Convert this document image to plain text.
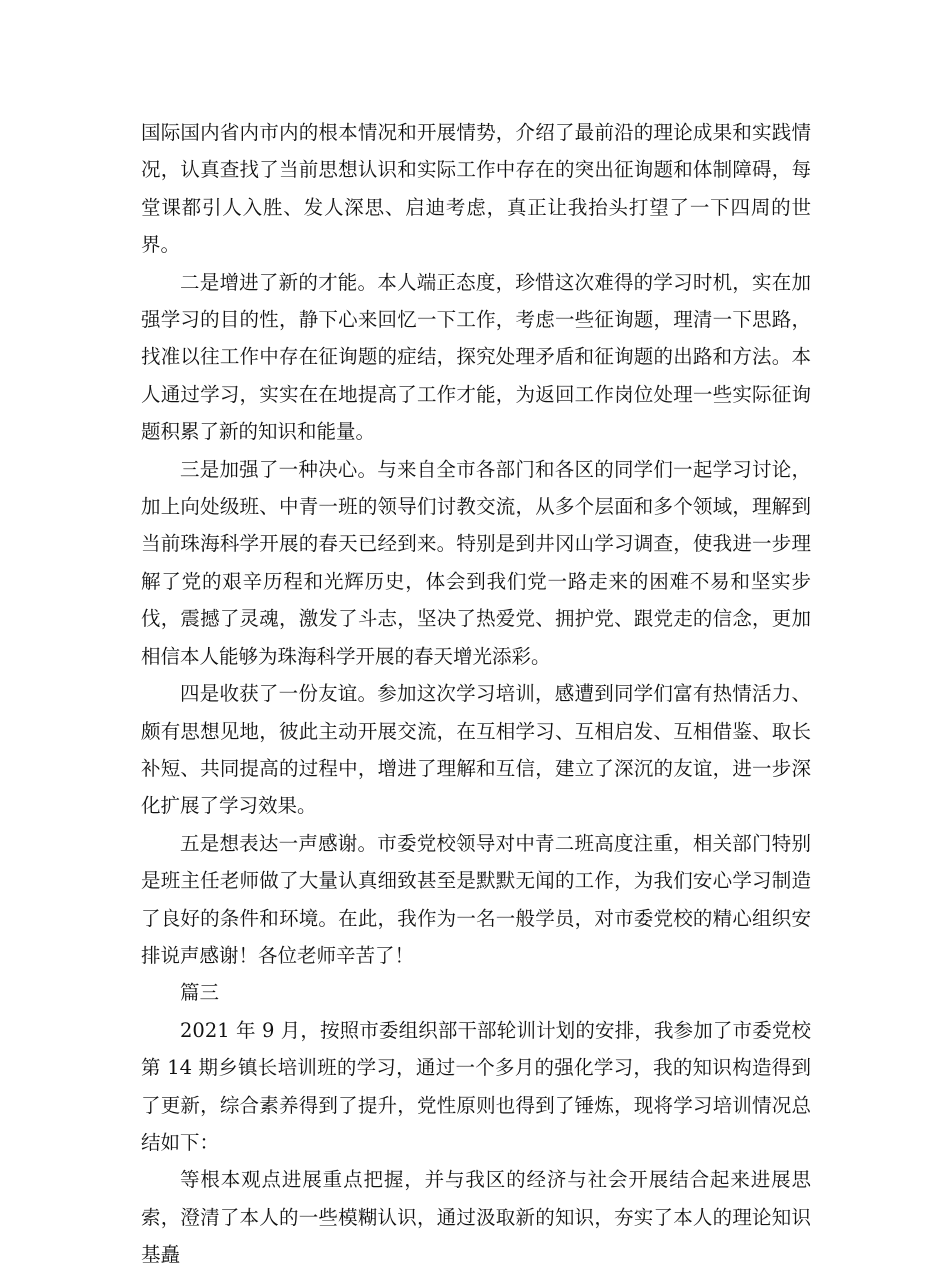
国际国内省内市内的根本情况和开展情势，介绍了最前沿的理论成果和实践情况，认真查找了当前思想认识和实际工作中存在的突出征询题和体制障碍，每堂课都引人入胜、发人深思、启迪考虑，真正让我抬头打望了一下四周的世界。

二是增进了新的才能。本人端正态度，珍惜这次难得的学习时机，实在加强学习的目的性，静下心来回忆一下工作，考虑一些征询题，理清一下思路，找准以往工作中存在征询题的症结，探究处理矛盾和征询题的出路和方法。本人通过学习，实实在在地提高了工作才能，为返回工作岗位处理一些实际征询题积累了新的知识和能量。

三是加强了一种决心。与来自全市各部门和各区的同学们一起学习讨论，加上向处级班、中青一班的领导们讨教交流，从多个层面和多个领域，理解到当前珠海科学开展的春天已经到来。特别是到井冈山学习调查，使我进一步理解了党的艰辛历程和光辉历史，体会到我们党一路走来的困难不易和坚实步伐，震撼了灵魂，激发了斗志，坚决了热爱党、拥护党、跟党走的信念，更加相信本人能够为珠海科学开展的春天增光添彩。

四是收获了一份友谊。参加这次学习培训，感遭到同学们富有热情活力、颇有思想见地，彼此主动开展交流，在互相学习、互相启发、互相借鉴、取长补短、共同提高的过程中，增进了理解和互信，建立了深沉的友谊，进一步深化扩展了学习效果。

五是想表达一声感谢。市委党校领导对中青二班高度注重，相关部门特别是班主任老师做了大量认真细致甚至是默默无闻的工作，为我们安心学习制造了良好的条件和环境。在此，我作为一名一般学员，对市委党校的精心组织安排说声感谢！各位老师辛苦了！

篇三

2021 年 9 月，按照市委组织部干部轮训计划的安排，我参加了市委党校第 14 期乡镇长培训班的学习，通过一个多月的强化学习，我的知识构造得到了更新，综合素养得到了提升，党性原则也得到了锤炼，现将学习培训情况总结如下：

等根本观点进展重点把握，并与我区的经济与社会开展结合起来进展思索，澄清了本人的一些模糊认识，通过汲取新的知识，夯实了本人的理论知识基矗
